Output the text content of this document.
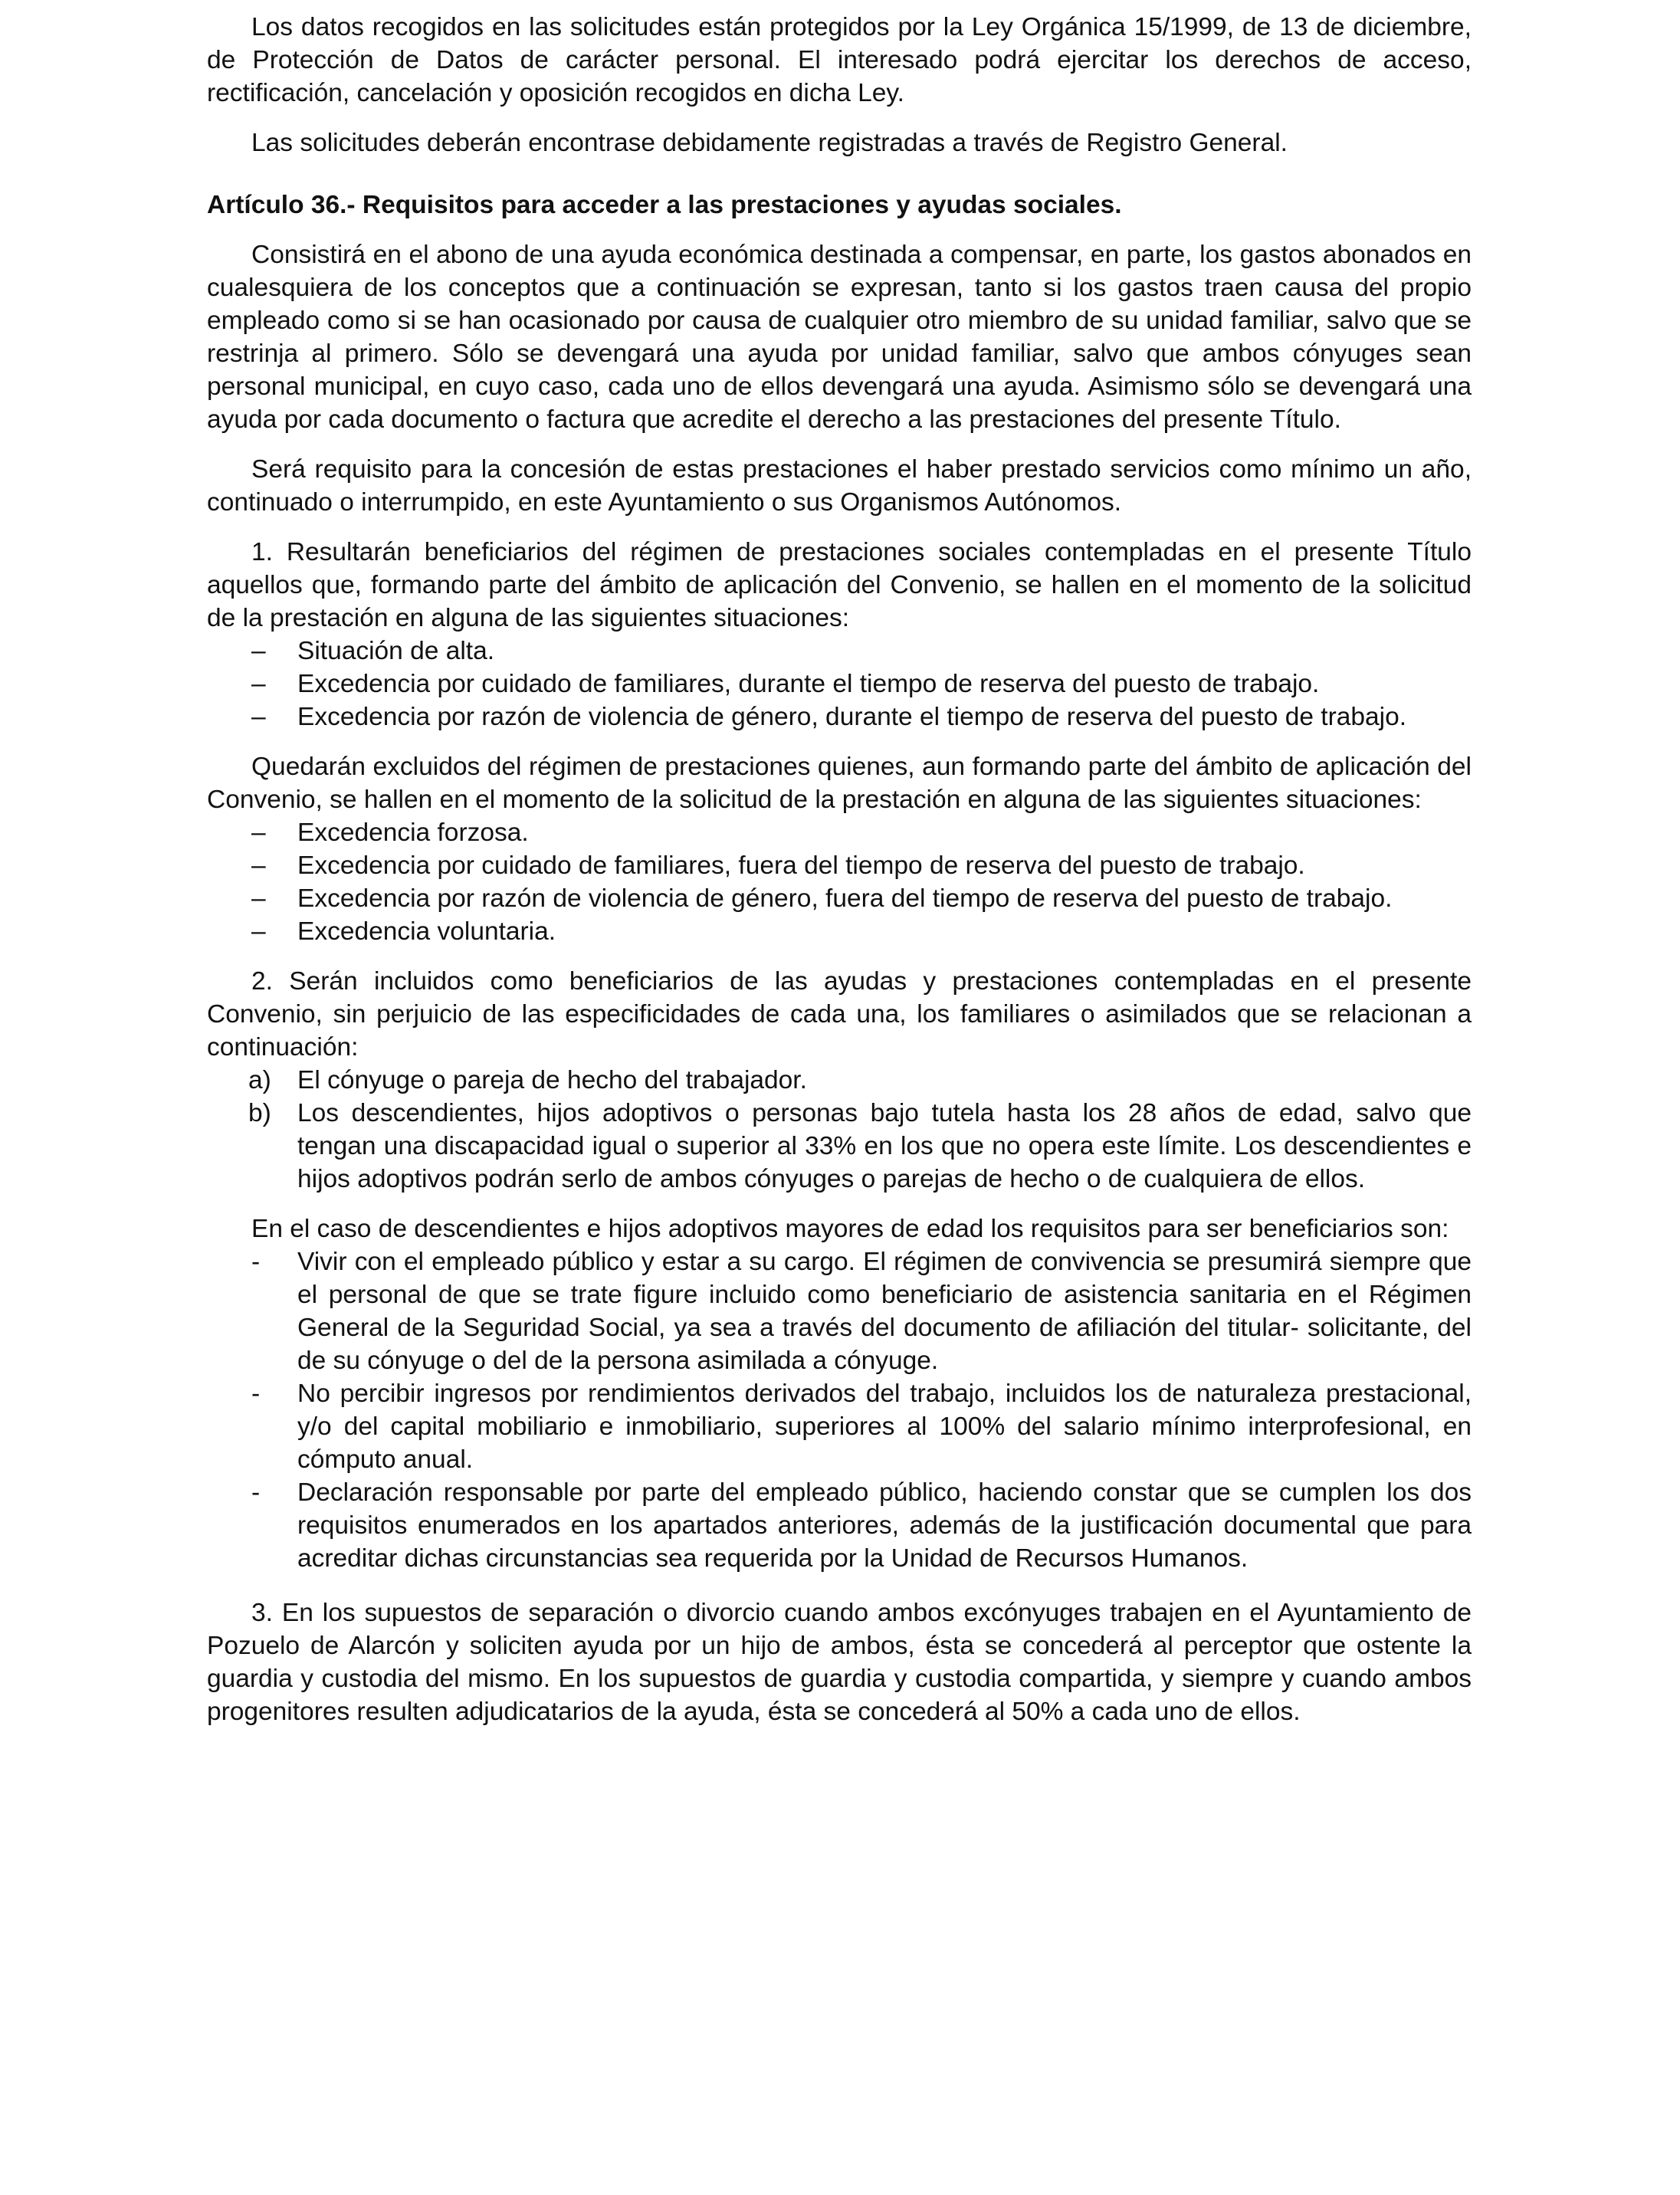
Los datos recogidos en las solicitudes están protegidos por la Ley Orgánica 15/1999, de 13 de diciembre, de Protección de Datos de carácter personal. El interesado podrá ejercitar los derechos de acceso, rectificación, cancelación y oposición recogidos en dicha Ley.

Las solicitudes deberán encontrase debidamente registradas a través de Registro General.

Artículo 36.- Requisitos para acceder a las prestaciones y ayudas sociales.

Consistirá en el abono de una ayuda económica destinada a compensar, en parte, los gastos abonados en cualesquiera de los conceptos que a continuación se expresan, tanto si los gastos traen causa del propio empleado como si se han ocasionado por causa de cualquier otro miembro de su unidad familiar, salvo que se restrinja al primero. Sólo se devengará una ayuda por unidad familiar, salvo que ambos cónyuges sean personal municipal, en cuyo caso, cada uno de ellos devengará una ayuda. Asimismo sólo se devengará una ayuda por cada documento o factura que acredite el derecho a las prestaciones del presente Título.

Será requisito para la concesión de estas prestaciones el haber prestado servicios como mínimo un año, continuado o interrumpido, en este Ayuntamiento o sus Organismos Autónomos.

1. Resultarán beneficiarios del régimen de prestaciones sociales contempladas en el presente Título aquellos que, formando parte del ámbito de aplicación del Convenio, se hallen en el momento de la solicitud de la prestación en alguna de las siguientes situaciones:

– Situación de alta.
– Excedencia por cuidado de familiares, durante el tiempo de reserva del puesto de trabajo.
– Excedencia por razón de violencia de género, durante el tiempo de reserva del puesto de trabajo.

Quedarán excluidos del régimen de prestaciones quienes, aun formando parte del ámbito de aplicación del Convenio, se hallen en el momento de la solicitud de la prestación en alguna de las siguientes situaciones:

– Excedencia forzosa.
– Excedencia por cuidado de familiares, fuera del tiempo de reserva del puesto de trabajo.
– Excedencia por razón de violencia de género, fuera del tiempo de reserva del puesto de trabajo.
– Excedencia voluntaria.

2. Serán incluidos como beneficiarios de las ayudas y prestaciones contempladas en el presente Convenio, sin perjuicio de las especificidades de cada una, los familiares o asimilados que se relacionan a continuación:

a) El cónyuge o pareja de hecho del trabajador.
b) Los descendientes, hijos adoptivos o personas bajo tutela hasta los 28 años de edad, salvo que tengan una discapacidad igual o superior al 33% en los que no opera este límite. Los descendientes e hijos adoptivos podrán serlo de ambos cónyuges o parejas de hecho o de cualquiera de ellos.

En el caso de descendientes e hijos adoptivos mayores de edad los requisitos para ser beneficiarios son:

- Vivir con el empleado público y estar a su cargo. El régimen de convivencia se presumirá siempre que el personal de que se trate figure incluido como beneficiario de asistencia sanitaria en el Régimen General de la Seguridad Social, ya sea a través del documento de afiliación del titular- solicitante, del de su cónyuge o del de la persona asimilada a cónyuge.
- No percibir ingresos por rendimientos derivados del trabajo, incluidos los de naturaleza prestacional, y/o del capital mobiliario e inmobiliario, superiores al 100% del salario mínimo interprofesional, en cómputo anual.
- Declaración responsable por parte del empleado público, haciendo constar que se cumplen los dos requisitos enumerados en los apartados anteriores, además de la justificación documental que para acreditar dichas circunstancias sea requerida por la Unidad de Recursos Humanos.

3. En los supuestos de separación o divorcio cuando ambos excónyuges trabajen en el Ayuntamiento de Pozuelo de Alarcón y soliciten ayuda por un hijo de ambos, ésta se concederá al perceptor que ostente la guardia y custodia del mismo. En los supuestos de guardia y custodia compartida, y siempre y cuando ambos progenitores resulten adjudicatarios de la ayuda, ésta se concederá al 50% a cada uno de ellos.
